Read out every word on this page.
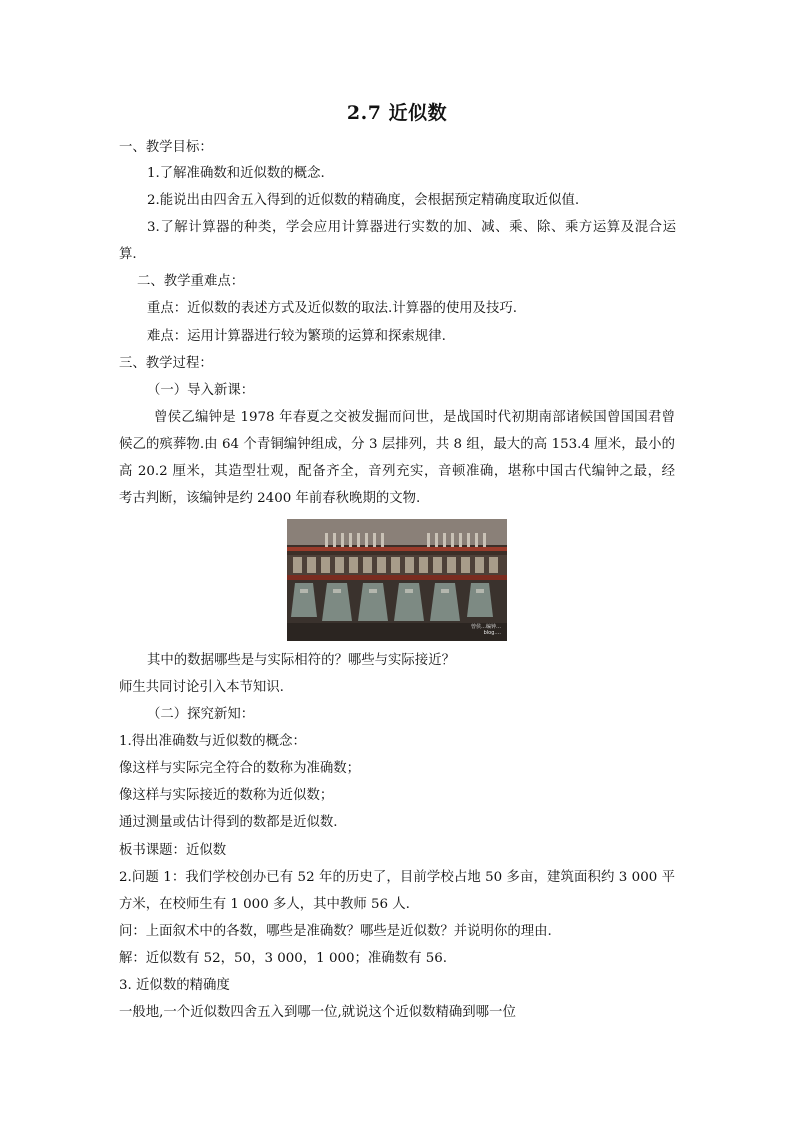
2.7 近似数
一、教学目标：
1.了解准确数和近似数的概念.
2.能说出由四舍五入得到的近似数的精确度，会根据预定精确度取近似值.
3.了解计算器的种类，学会应用计算器进行实数的加、减、乘、除、乘方运算及混合运
算.
二、教学重难点：
重点：近似数的表述方式及近似数的取法.计算器的使用及技巧.
难点：运用计算器进行较为繁琐的运算和探索规律.
三、教学过程：
（一）导入新课：
曾侯乙编钟是 1978 年春夏之交被发掘而问世，是战国时代初期南部诸候国曾国国君曾
候乙的殡葬物.由 64 个青铜编钟组成，分 3 层排列，共 8 组，最大的高 153.4 厘米，最小的
高 20.2 厘米，其造型壮观，配备齐全，音列充实，音顿准确，堪称中国古代编钟之最，经
考古判断，该编钟是约 2400 年前春秋晚期的文物.
曾侯…编钟…
blog.…
其中的数据哪些是与实际相符的？哪些与实际接近？
师生共同讨论引入本节知识.
（二）探究新知：
1.得出准确数与近似数的概念：
像这样与实际完全符合的数称为准确数；
像这样与实际接近的数称为近似数；
通过测量或估计得到的数都是近似数.
板书课题：近似数
2.问题 1：我们学校创办已有 52 年的历史了，目前学校占地 50 多亩，建筑面积约 3 000 平
方米，在校师生有 1 000 多人，其中教师 56 人.
问：上面叙术中的各数，哪些是准确数？哪些是近似数？并说明你的理由.
解：近似数有 52，50，3 000，1 000；准确数有 56.
3. 近似数的精确度
一般地,一个近似数四舍五入到哪一位,就说这个近似数精确到哪一位
